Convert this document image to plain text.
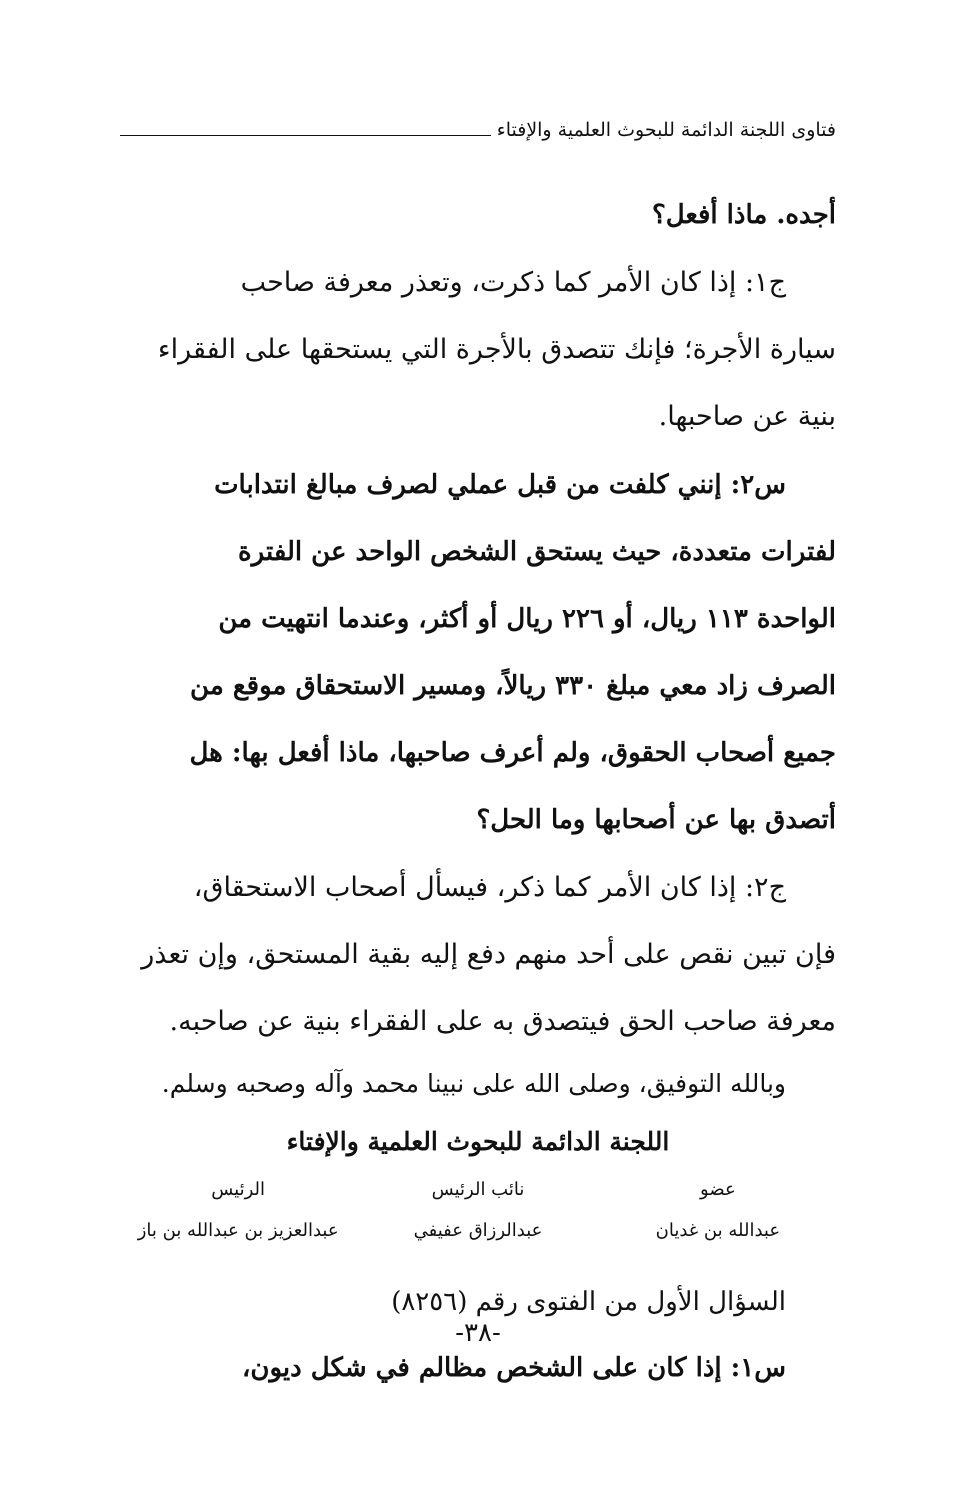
فتاوى اللجنة الدائمة للبحوث العلمية والإفتاء
أجده. ماذا أفعل؟
ج١: إذا كان الأمر كما ذكرت، وتعذر معرفة صاحب
سيارة الأجرة؛ فإنك تتصدق بالأجرة التي يستحقها على الفقراء
بنية عن صاحبها.
س٢: إنني كلفت من قبل عملي لصرف مبالغ انتدابات
لفترات متعددة، حيث يستحق الشخص الواحد عن الفترة
الواحدة ١١٣ ريال، أو ٢٢٦ ريال أو أكثر، وعندما انتهيت من
الصرف زاد معي مبلغ ٣٣٠ ريالاً، ومسير الاستحقاق موقع من
جميع أصحاب الحقوق، ولم أعرف صاحبها، ماذا أفعل بها: هل
أتصدق بها عن أصحابها وما الحل؟
ج٢: إذا كان الأمر كما ذكر، فيسأل أصحاب الاستحقاق،
فإن تبين نقص على أحد منهم دفع إليه بقية المستحق، وإن تعذر
معرفة صاحب الحق فيتصدق به على الفقراء بنية عن صاحبه.
وبالله التوفيق، وصلى الله على نبينا محمد وآله وصحبه وسلم.
اللجنة الدائمة للبحوث العلمية والإفتاء
عضو
عبدالله بن غديان
نائب الرئيس
عبدالرزاق عفيفي
الرئيس
عبدالعزيز بن عبدالله بن باز
السؤال الأول من الفتوى رقم (٨٢٥٦)
س١: إذا كان على الشخص مظالم في شكل ديون،
-٣٨-
